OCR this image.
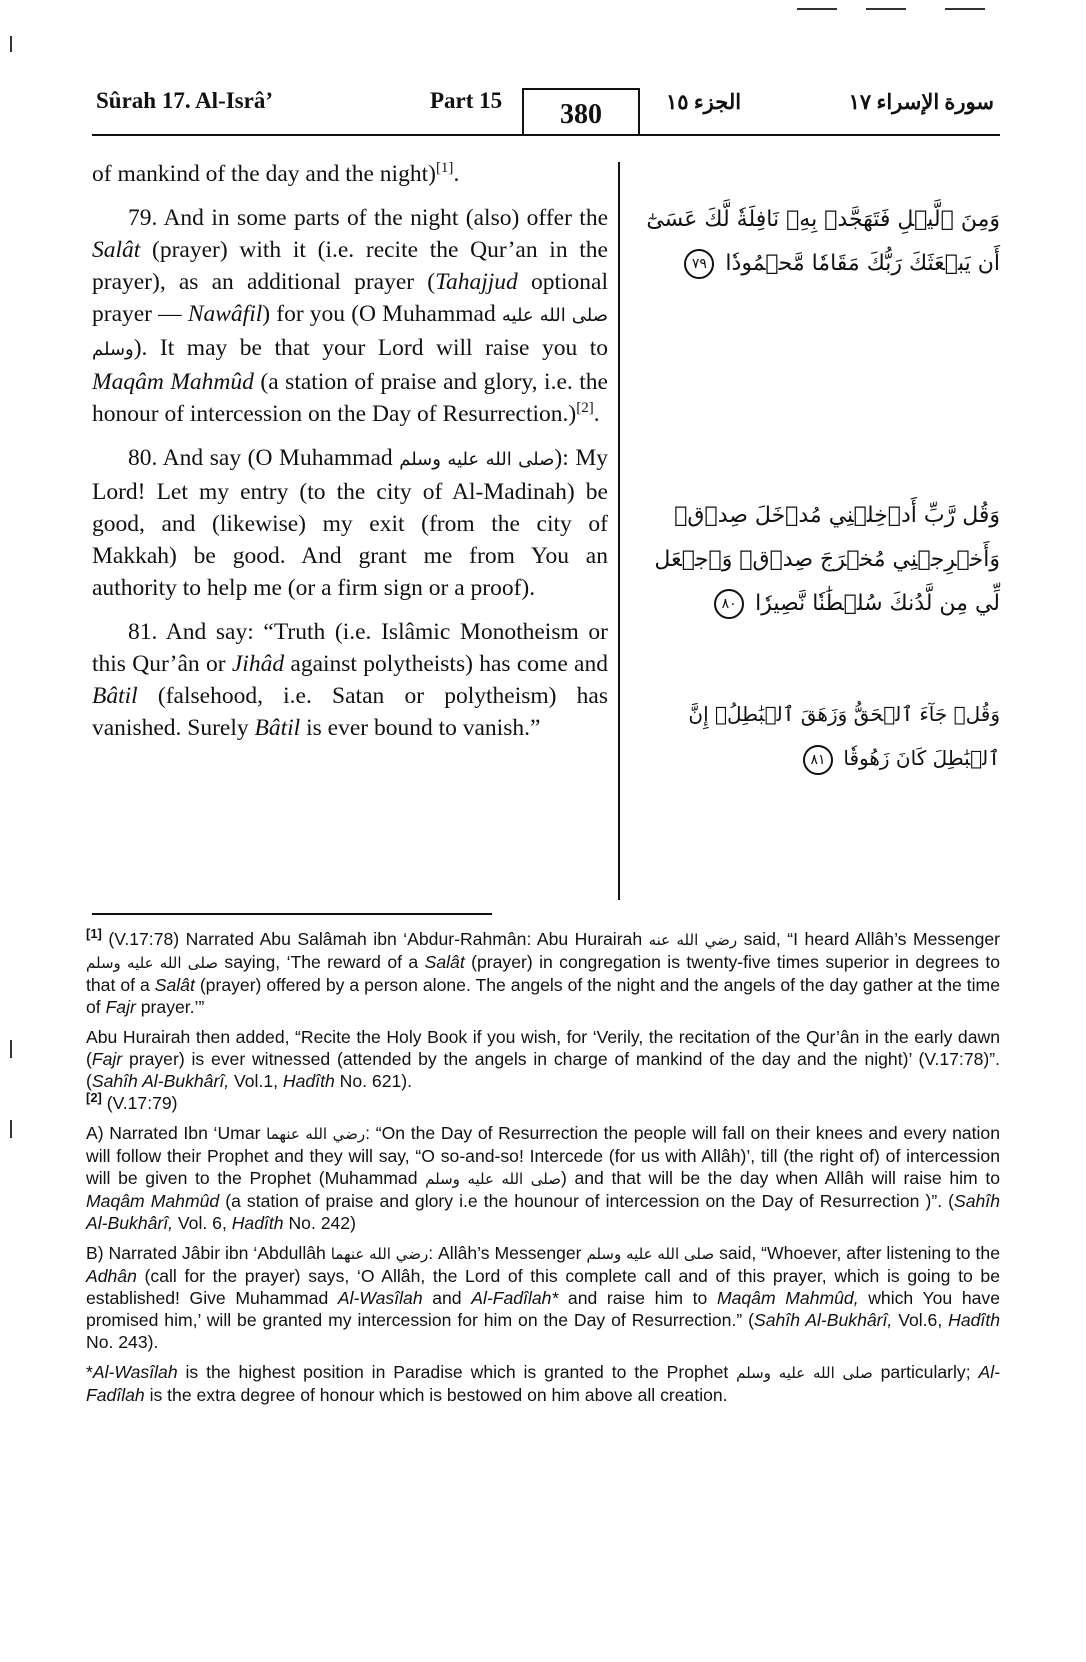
Sûrah 17. Al-Isrâ’	Part 15	380	الجزء ١٥	سورة الإسراء ١٧

of mankind of the day and the night)[1].

79. And in some parts of the night (also) offer the Salât (prayer) with it (i.e. recite the Qur’an in the prayer), as an additional prayer (Tahajjud optional prayer — Nawâfil) for you (O Muhammad صلى الله عليه وسلم). It may be that your Lord will raise you to Maqâm Mahmûd (a station of praise and glory, i.e. the honour of intercession on the Day of Resurrection.)[2].

80. And say (O Muhammad صلى الله عليه وسلم): My Lord! Let my entry (to the city of Al-Madinah) be good, and (likewise) my exit (from the city of Makkah) be good. And grant me from You an authority to help me (or a firm sign or a proof).

81. And say: “Truth (i.e. Islâmic Monotheism or this Qur’ân or Jihâd against polytheists) has come and Bâtil (falsehood, i.e. Satan or polytheism) has vanished. Surely Bâtil is ever bound to vanish.”

وَمِنَ ٱلَّيۡلِ فَتَهَجَّدۡ بِهِۦ نَافِلَةٗ لَّكَ عَسَىٰٓ أَن يَبۡعَثَكَ رَبُّكَ مَقَامٗا مَّحۡمُودٗا ٧٩
وَقُل رَّبِّ أَدۡخِلۡنِي مُدۡخَلَ صِدۡقٖ وَأَخۡرِجۡنِي مُخۡرَجَ صِدۡقٖ وَٱجۡعَل لِّي مِن لَّدُنكَ سُلۡطَٰنٗا نَّصِيرٗا ٨٠
وَقُلۡ جَآءَ ٱلۡحَقُّ وَزَهَقَ ٱلۡبَٰطِلُۚ إِنَّ ٱلۡبَٰطِلَ كَانَ زَهُوقٗا ٨١

[1] (V.17:78) Narrated Abu Salâmah ibn ‘Abdur-Rahmân: Abu Hurairah رضي الله عنه said, “I heard Allâh’s Messenger صلى الله عليه وسلم saying, ‘The reward of a Salât (prayer) in congregation is twenty-five times superior in degrees to that of a Salât (prayer) offered by a person alone. The angels of the night and the angels of the day gather at the time of Fajr prayer.’”

Abu Hurairah then added, “Recite the Holy Book if you wish, for ‘Verily, the recitation of the Qur’ân in the early dawn (Fajr prayer) is ever witnessed (attended by the angels in charge of mankind of the day and the night)’ (V.17:78)”. (Sahîh Al-Bukhârî, Vol.1, Hadîth No. 621).

[2] (V.17:79)

A) Narrated Ibn ‘Umar رضي الله عنهما: “On the Day of Resurrection the people will fall on their knees and every nation will follow their Prophet and they will say, “O so-and-so! Intercede (for us with Allâh)’, till (the right of) of intercession will be given to the Prophet (Muhammad صلى الله عليه وسلم) and that will be the day when Allâh will raise him to Maqâm Mahmûd (a station of praise and glory i.e the hounour of intercession on the Day of Resurrection )”. (Sahîh Al-Bukhârî, Vol. 6, Hadîth No. 242)

B) Narrated Jâbir ibn ‘Abdullâh رضي الله عنهما: Allâh’s Messenger صلى الله عليه وسلم said, “Whoever, after listening to the Adhân (call for the prayer) says, ‘O Allâh, the Lord of this complete call and of this prayer, which is going to be established! Give Muhammad Al-Wasîlah and Al-Fadîlah* and raise him to Maqâm Mahmûd, which You have promised him,’ will be granted my intercession for him on the Day of Resurrection.” (Sahîh Al-Bukhârî, Vol.6, Hadîth No. 243).

*Al-Wasîlah is the highest position in Paradise which is granted to the Prophet صلى الله عليه وسلم particularly; Al-Fadîlah is the extra degree of honour which is bestowed on him above all creation.
